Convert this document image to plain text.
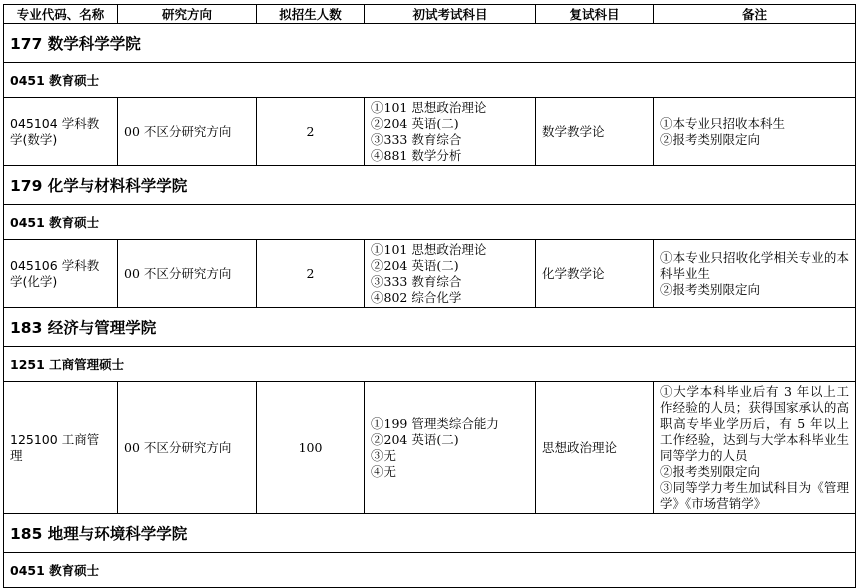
专业代码、名称	研究方向	拟招生人数	初试考试科目	复试科目	备注
177 数学科学学院					
0451 教育硕士					
045104 学科教学(数学)	00 不区分研究方向	2	①101 思想政治理论
②204 英语(二)
③333 教育综合
④881 数学分析	数学教学论	①本专业只招收本科生
②报考类别限定向

179 化学与材料科学学院					
0451 教育硕士					
045106 学科教学(化学)	00 不区分研究方向	2	①101 思想政治理论
②204 英语(二)
③333 教育综合
④802 综合化学	化学教学论	①本专业只招收化学相关专业的本科毕业生
②报考类别限定向

183 经济与管理学院					
1251 工商管理硕士					
125100 工商管理	00 不区分研究方向	100	①199 管理类综合能力
②204 英语(二)
③无
④无	思想政治理论	①大学本科毕业后有 3 年以上工作经验的人员；获得国家承认的高职高专毕业学历后，有 5 年以上工作经验，达到与大学本科毕业生同等学力的人员
②报考类别限定向
③同等学力考生加试科目为《管理学》《市场营销学》

185 地理与环境科学学院					
0451 教育硕士					
